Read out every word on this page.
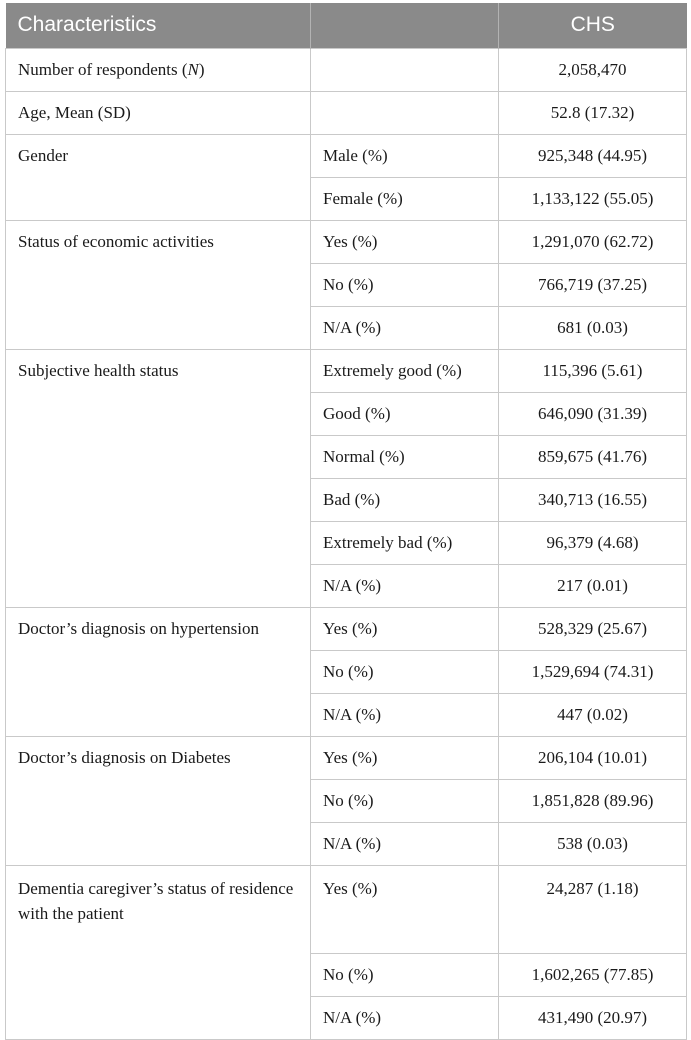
Characteristics		CHS
Number of respondents (N)		2,058,470
Age, Mean (SD)		52.8 (17.32)
Gender	Male (%)	925,348 (44.95)
	Female (%)	1,133,122 (55.05)
Status of economic activities	Yes (%)	1,291,070 (62.72)
	No (%)	766,719 (37.25)
	N/A (%)	681 (0.03)
Subjective health status	Extremely good (%)	115,396 (5.61)
	Good (%)	646,090 (31.39)
	Normal (%)	859,675 (41.76)
	Bad (%)	340,713 (16.55)
	Extremely bad (%)	96,379 (4.68)
	N/A (%)	217 (0.01)
Doctor’s diagnosis on hypertension	Yes (%)	528,329 (25.67)
	No (%)	1,529,694 (74.31)
	N/A (%)	447 (0.02)
Doctor’s diagnosis on Diabetes	Yes (%)	206,104 (10.01)
	No (%)	1,851,828 (89.96)
	N/A (%)	538 (0.03)
Dementia caregiver’s status of residence with the patient	Yes (%)	24,287 (1.18)
	No (%)	1,602,265 (77.85)
	N/A (%)	431,490 (20.97)
